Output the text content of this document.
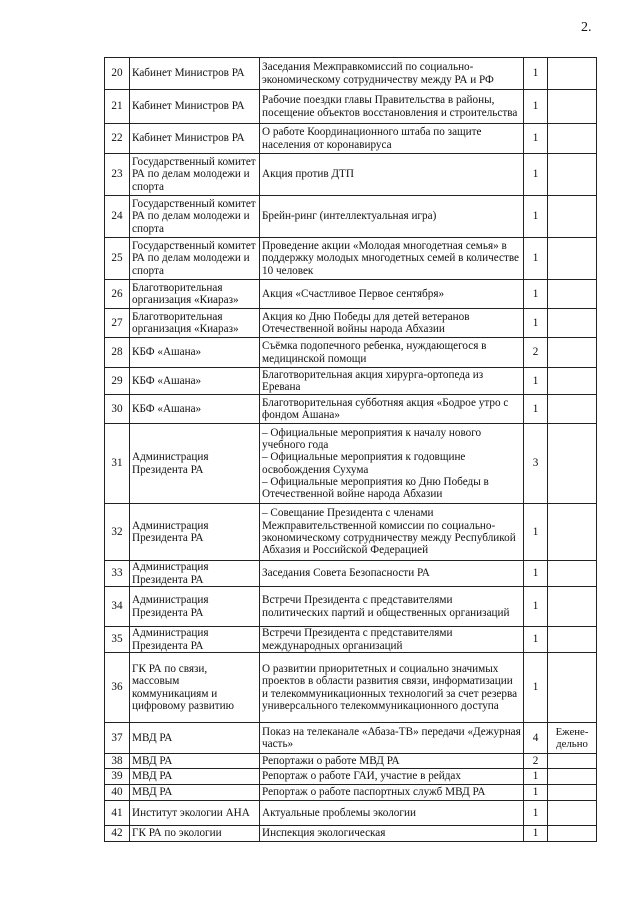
2.
20	Кабинет Министров РА	Заседания Межправкомиссий по социально-экономическому сотрудничеству между РА и РФ	1	
21	Кабинет Министров РА	Рабочие поездки главы Правительства в районы, посещение объектов восстановления и строительства	1	
22	Кабинет Министров РА	О работе Координационного штаба по защите населения от коронавируса	1	
23	Государственный комитет РА по делам молодежи и спорта	Акция против ДТП	1	
24	Государственный комитет РА по делам молодежи и спорта	Брейн-ринг (интеллектуальная игра)	1	
25	Государственный комитет РА по делам молодежи и спорта	Проведение акции «Молодая многодетная семья» в поддержку молодых многодетных семей в количестве 10 человек	1	
26	Благотворительная организация «Киараз»	Акция «Счастливое Первое сентября»	1	
27	Благотворительная организация «Киараз»	Акция ко Дню Победы для детей ветеранов Отечественной войны народа Абхазии	1	
28	КБФ «Ашана»	Съёмка подопечного ребенка, нуждающегося в медицинской помощи	2	
29	КБФ «Ашана»	Благотворительная акция хирурга-ортопеда из Еревана	1	
30	КБФ «Ашана»	Благотворительная субботняя акция «Бодрое утро с фондом Ашана»	1	
31	Администрация Президента РА	– Официальные мероприятия к началу нового учебного года
– Официальные мероприятия к годовщине освобождения Сухума
– Официальные мероприятия ко Дню Победы в Отечественной войне народа Абхазии	3	
32	Администрация Президента РА	– Совещание Президента с членами Межправительственной комиссии по социально-экономическому сотрудничеству между Республикой Абхазия и Российской Федерацией	1	
33	Администрация Президента РА	Заседания Совета Безопасности РА	1	
34	Администрация Президента РА	Встречи Президента с представителями политических партий и общественных организаций	1	
35	Администрация Президента РА	Встречи Президента с представителями международных организаций	1	
36	ГК РА по связи, массовым коммуникациям и цифровому развитию	О развитии приоритетных и социально значимых проектов в области развития связи, информатизации и телекоммуникационных технологий за счет резерва универсального телекоммуникационного доступа	1	
37	МВД РА	Показ на телеканале «Абаза-ТВ» передачи «Дежурная часть»	4	Ежене-дельно
38	МВД РА	Репортажи о работе МВД РА	2	
39	МВД РА	Репортаж о работе ГАИ, участие в рейдах	1	
40	МВД РА	Репортаж о работе паспортных служб МВД РА	1	
41	Институт экологии АНА	Актуальные проблемы экологии	1	
42	ГК РА по экологии	Инспекция экологическая	1	
